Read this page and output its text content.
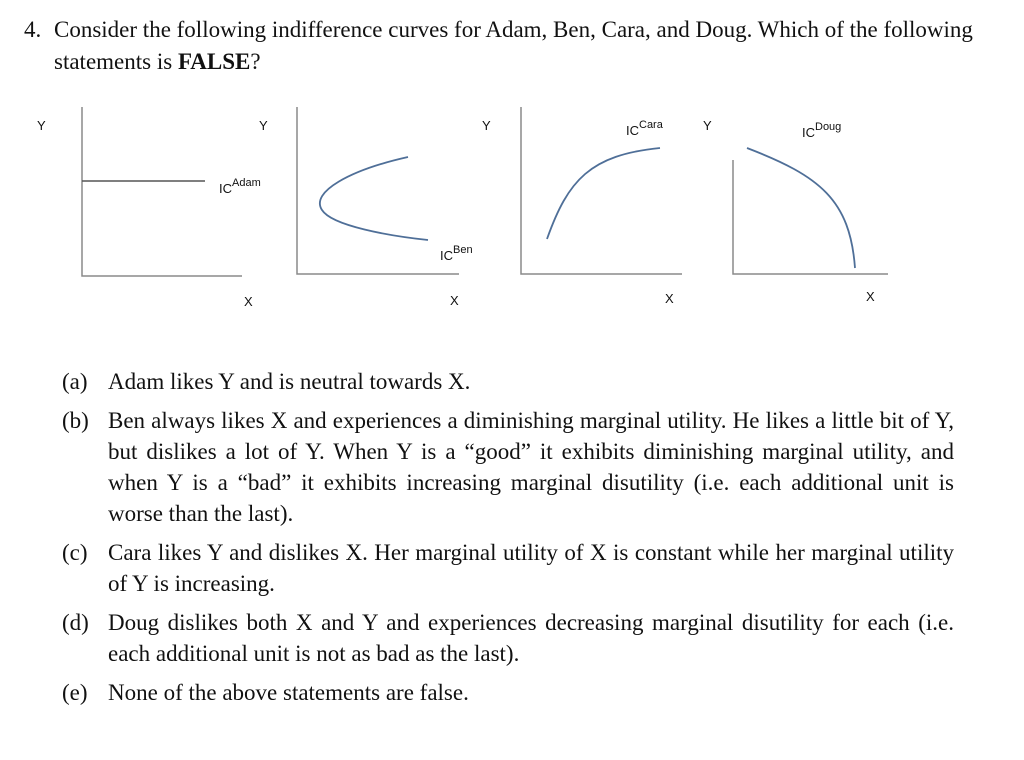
4. Consider the following indifference curves for Adam, Ben, Cara, and Doug. Which of the following statements is FALSE?
Y
$IC^{Adam}$
X
Y
$IC^{Ben}$
X
Y	$IC^{Cara}$
X
Y	$IC^{Doug}$
X
(a) Adam likes Y and is neutral towards X.
(b) Ben always likes X and experiences a diminishing marginal utility. He likes a little bit of Y, but dislikes a lot of Y. When Y is a “good” it exhibits diminishing marginal utility, and when Y is a “bad” it exhibits increasing marginal disutility (i.e. each additional unit is worse than the last).
(c) Cara likes Y and dislikes X. Her marginal utility of X is constant while her marginal utility of Y is increasing.
(d) Doug dislikes both X and Y and experiences decreasing marginal disutility for each (i.e. each additional unit is not as bad as the last).
(e) None of the above statements are false.
